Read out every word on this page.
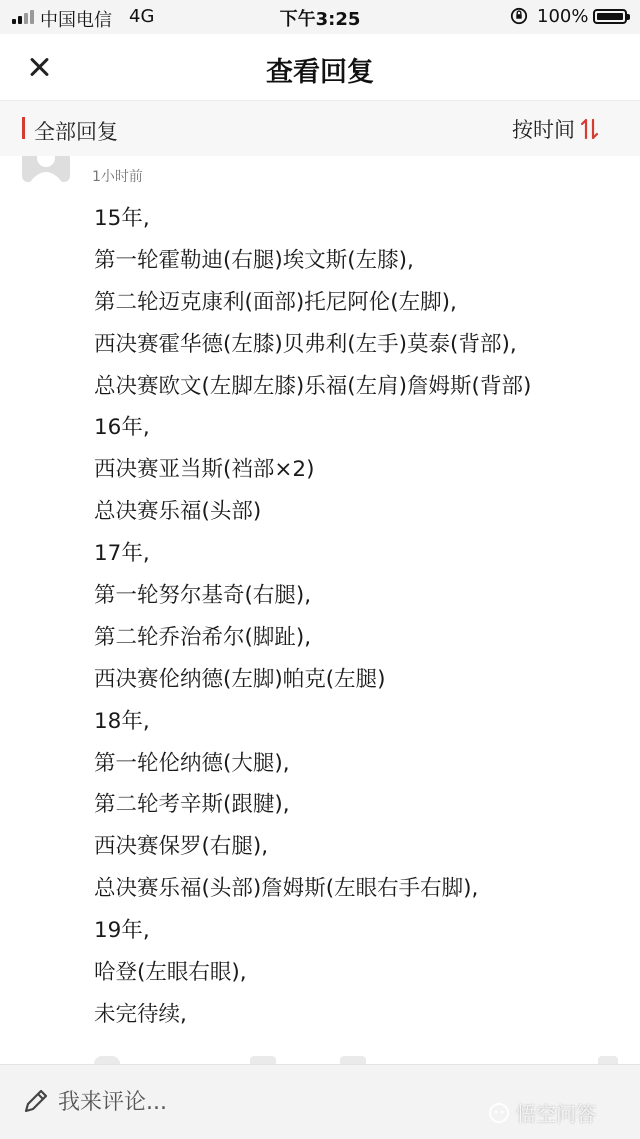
中国电信 4G	下午3:25	100%
查看回复
全部回复	按时间
1小时前
15年,
第一轮霍勒迪(右腿)埃文斯(左膝),
第二轮迈克康利(面部)托尼阿伦(左脚),
西决赛霍华德(左膝)贝弗利(左手)莫泰(背部),
总决赛欧文(左脚左膝)乐福(左肩)詹姆斯(背部)
16年,
西决赛亚当斯(裆部×2)
总决赛乐福(头部)
17年,
第一轮努尔基奇(右腿),
第二轮乔治希尔(脚趾),
西决赛伦纳德(左脚)帕克(左腿)
18年,
第一轮伦纳德(大腿),
第二轮考辛斯(跟腱),
西决赛保罗(右腿),
总决赛乐福(头部)詹姆斯(左眼右手右脚),
19年,
哈登(左眼右眼),
未完待续,
我来评论...
悟空问答
